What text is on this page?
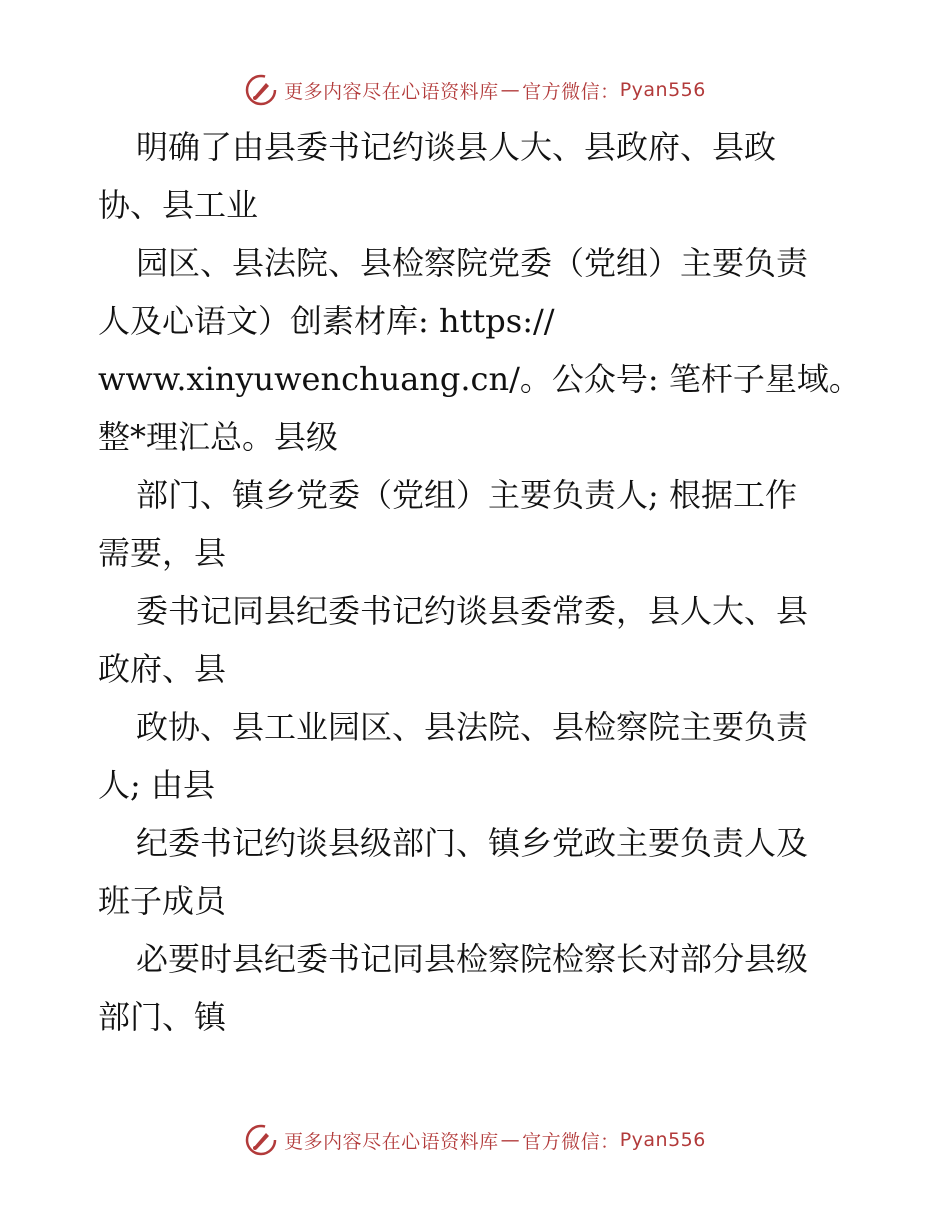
更多内容尽在心语资料库 — 官方微信： Pyan556

明确了由县委书记约谈县人大、县政府、县政

协、县工业

园区、县法院、县检察院党委（党组）主要负责

人及心语文）创素材库: https://

www.xinyuwenchuang.cn/。公众号: 笔杆子星域。

整*理汇总。县级

部门、镇乡党委（党组）主要负责人; 根据工作

需要，县

委书记同县纪委书记约谈县委常委，县人大、县

政府、县

政协、县工业园区、县法院、县检察院主要负责

人; 由县

纪委书记约谈县级部门、镇乡党政主要负责人及

班子成员

必要时县纪委书记同县检察院检察长对部分县级

部门、镇

更多内容尽在心语资料库 — 官方微信： Pyan556
